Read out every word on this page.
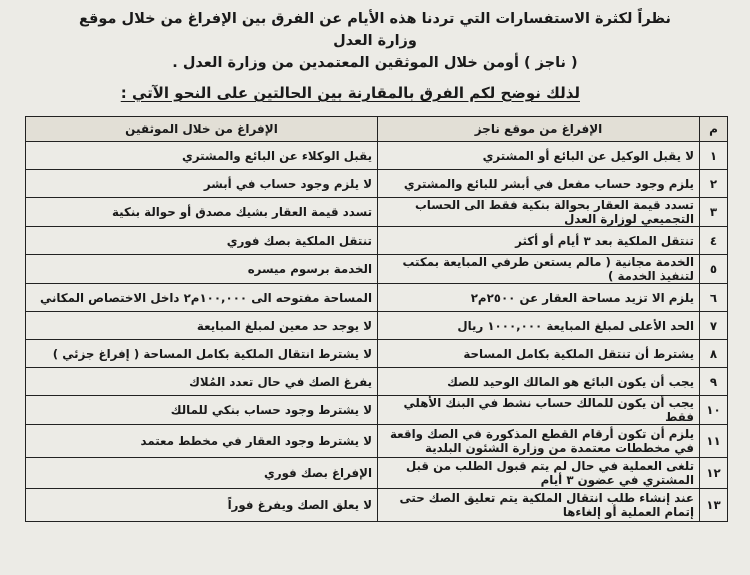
نظراً لكثرة الاستفسارات التي تردنا هذه الأيام عن الفرق بين الإفراغ من خلال موقع وزارة العدل

( ناجز ) أومن خلال الموثقين المعتمدين من وزارة العدل .

لذلك نوضح لكم الفرق بالمقارنة بين الحالتين على النحو الآتي :
م	الإفراغ من موقع ناجز	الإفراغ من خلال الموثقين
١	لا يقبل الوكيل عن البائع أو المشتري	يقبل الوكلاء عن البائع والمشتري
٢	يلزم وجود حساب مفعل في أبشر للبائع والمشتري	لا يلزم وجود حساب في أبشر
٣	تسدد قيمة العقار بحوالة بنكية فقط الى الحساب التجميعي لوزارة العدل	تسدد قيمة العقار بشيك مصدق أو حوالة بنكية
٤	تنتقل الملكية بعد ٣ أيام أو أكثر	تنتقل الملكية بصك فوري
٥	الخدمة مجانية ( مالم يستعن طرفي المبايعة بمكتب لتنفيذ الخدمة )	الخدمة برسوم ميسره
٦	يلزم الا تزيد مساحة العقار عن ٢٥٠٠م٢	المساحة مفتوحه الى ١٠٠,٠٠٠م٢ داخل الاختصاص المكاني
٧	الحد الأعلى لمبلغ المبايعة ١٠٠٠,٠٠٠ ريال	لا يوجد حد معين لمبلغ المبايعة
٨	يشترط أن تنتقل الملكية بكامل المساحة	لا يشترط انتقال الملكية بكامل المساحة ( إفراغ جزئي )
٩	يجب أن يكون البائع هو المالك الوحيد للصك	يفرغ الصك في حال تعدد المُلاك
١٠	يجب أن يكون للمالك حساب نشط في البنك الأهلي فقط	لا يشترط وجود حساب بنكي للمالك
١١	يلزم أن تكون أرقام القطع المذكورة في الصك واقعة في مخططات معتمدة من وزارة الشئون البلدية	لا يشترط وجود العقار في مخطط معتمد
١٢	تلغى العملية في حال لم يتم قبول الطلب من قبل المشتري في عضون ٣ أيام	الإفراغ بصك فوري
١٣	عند إنشاء طلب انتقال الملكية يتم تعليق الصك حتى إتمام العملية أو إلغاءها	لا يعلق الصك ويفرغ فوراً
